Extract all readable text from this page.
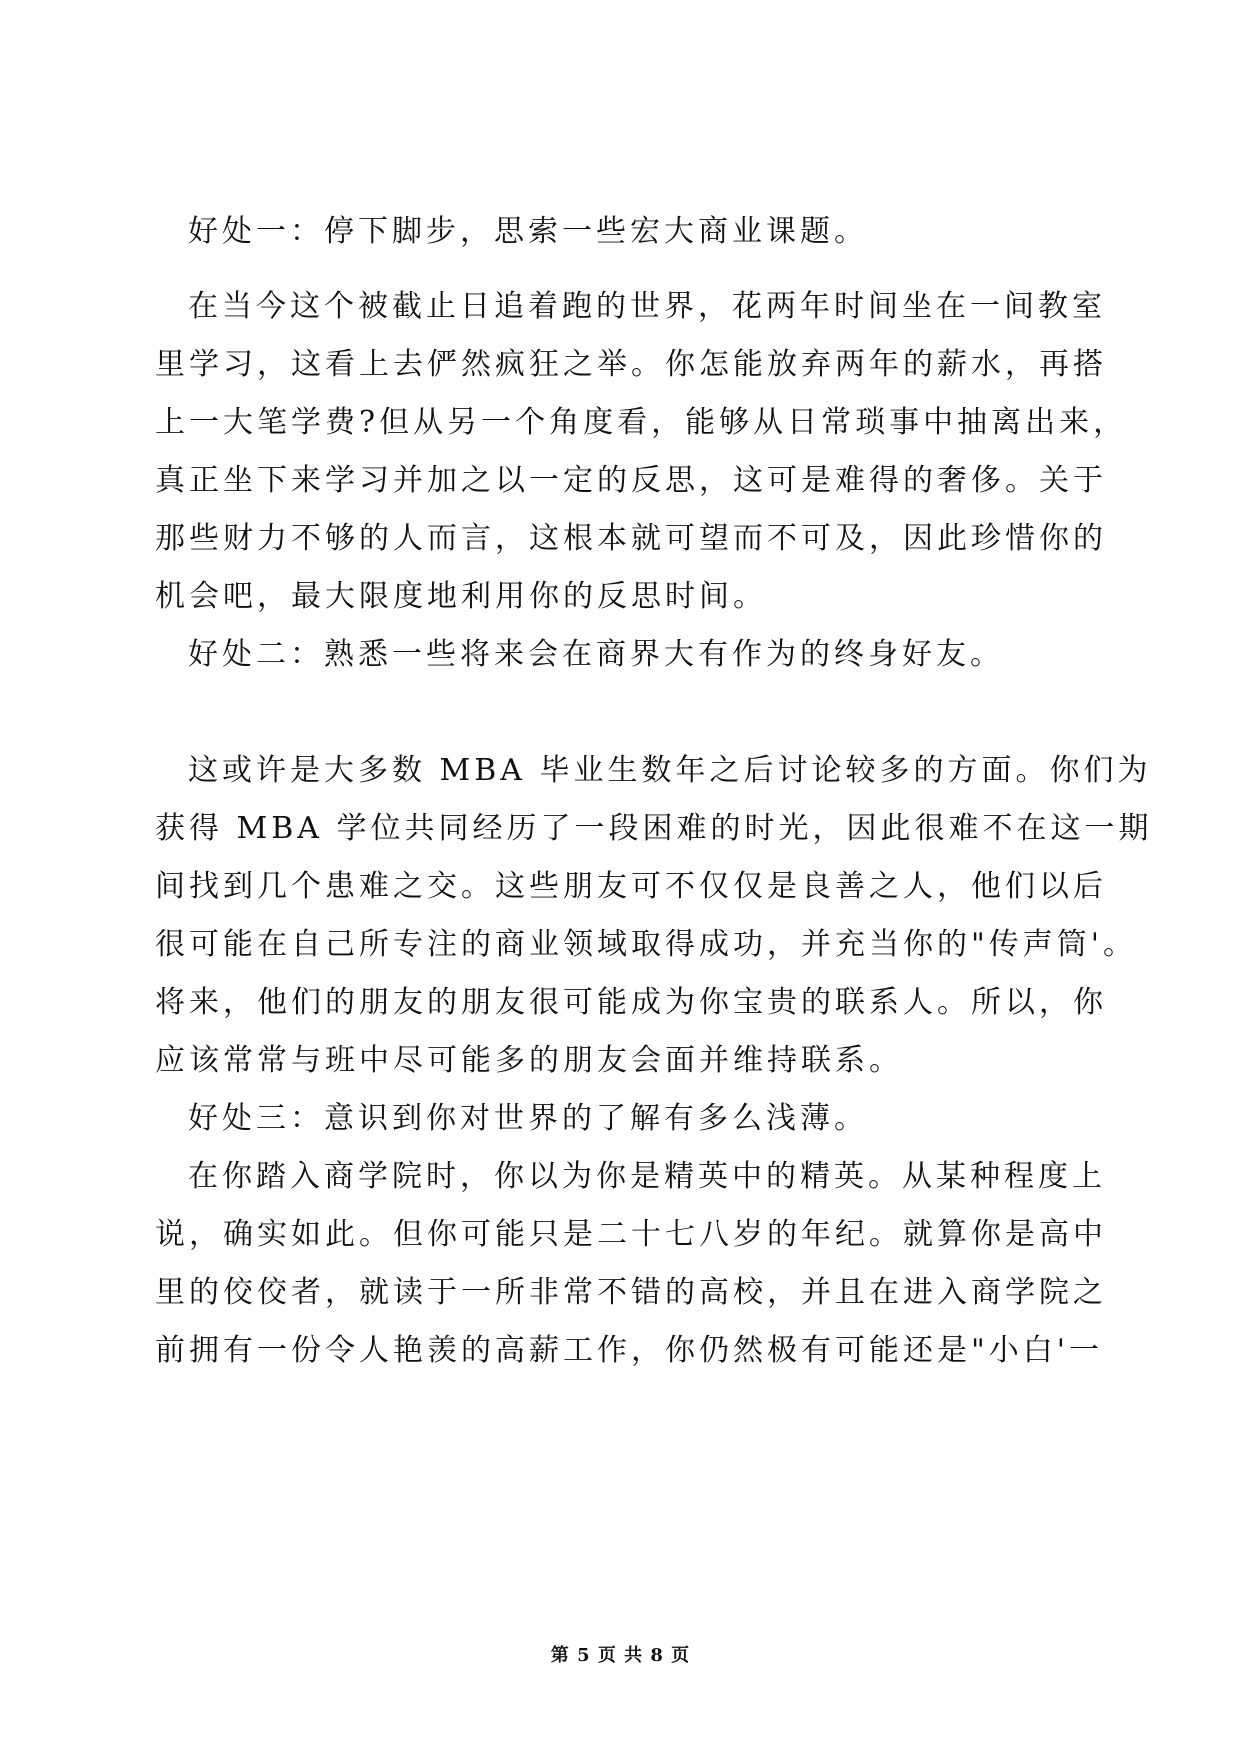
好处一：停下脚步，思索一些宏大商业课题。
在当今这个被截止日追着跑的世界，花两年时间坐在一间教室
里学习，这看上去俨然疯狂之举。你怎能放弃两年的薪水，再搭
上一大笔学费?但从另一个角度看，能够从日常琐事中抽离出来，
真正坐下来学习并加之以一定的反思，这可是难得的奢侈。关于
那些财力不够的人而言，这根本就可望而不可及，因此珍惜你的
机会吧，最大限度地利用你的反思时间。
好处二：熟悉一些将来会在商界大有作为的终身好友。
这或许是大多数 MBA 毕业生数年之后讨论较多的方面。你们为
获得 MBA 学位共同经历了一段困难的时光，因此很难不在这一期
间找到几个患难之交。这些朋友可不仅仅是良善之人，他们以后
很可能在自己所专注的商业领域取得成功，并充当你的"传声筒'。
将来，他们的朋友的朋友很可能成为你宝贵的联系人。所以，你
应该常常与班中尽可能多的朋友会面并维持联系。
好处三：意识到你对世界的了解有多么浅薄。
在你踏入商学院时，你以为你是精英中的精英。从某种程度上
说，确实如此。但你可能只是二十七八岁的年纪。就算你是高中
里的佼佼者，就读于一所非常不错的高校，并且在进入商学院之
前拥有一份令人艳羡的高薪工作，你仍然极有可能还是"小白'一
第 5 页 共 8 页
